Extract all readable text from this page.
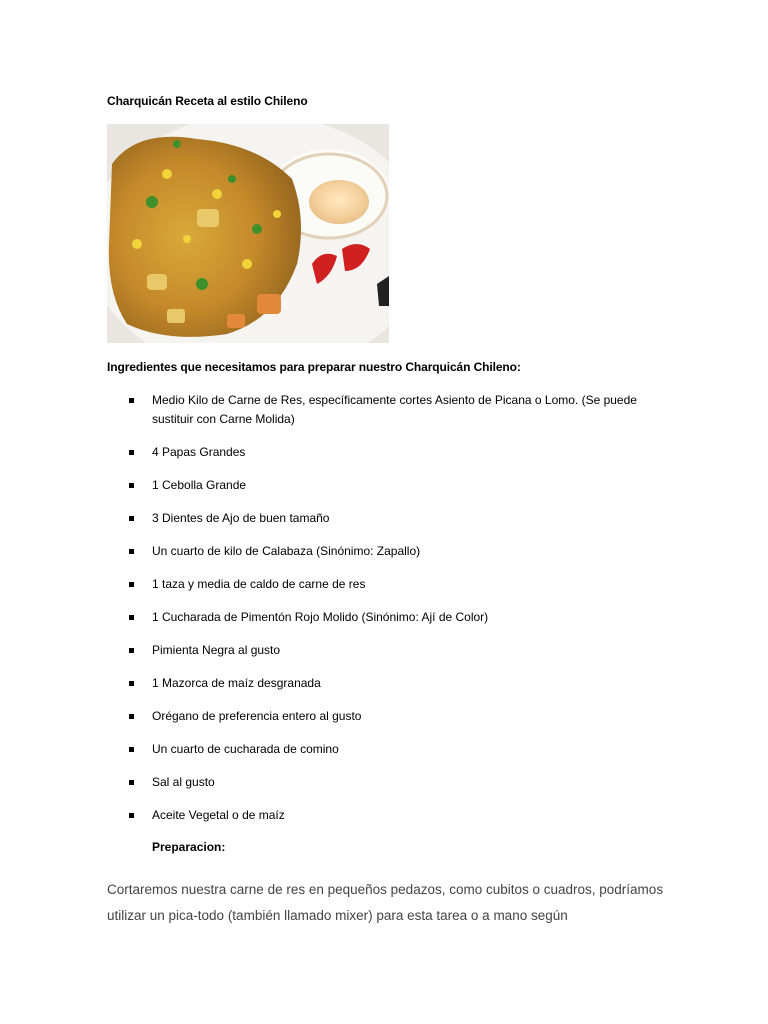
Charquicán Receta al estilo Chileno
Ingredientes que necesitamos para preparar nuestro Charquicán Chileno:
Medio Kilo de Carne de Res, específicamente cortes Asiento de Picana o Lomo. (Se puede sustituir con Carne Molida)
4 Papas Grandes
1 Cebolla Grande
3 Dientes de Ajo de buen tamaño
Un cuarto de kilo de Calabaza (Sinónimo: Zapallo)
1 taza y media de caldo de carne de res
1 Cucharada de Pimentón Rojo Molido (Sinónimo: Ají de Color)
Pimienta Negra al gusto
1 Mazorca de maíz desgranada
Orégano de preferencia entero al gusto
Un cuarto de cucharada de comino
Sal al gusto
Aceite Vegetal o de maíz
Preparacion:
Cortaremos nuestra carne de res en pequeños pedazos, como cubitos o cuadros, podríamos utilizar un pica-todo (también llamado mixer) para esta tarea o a mano según
